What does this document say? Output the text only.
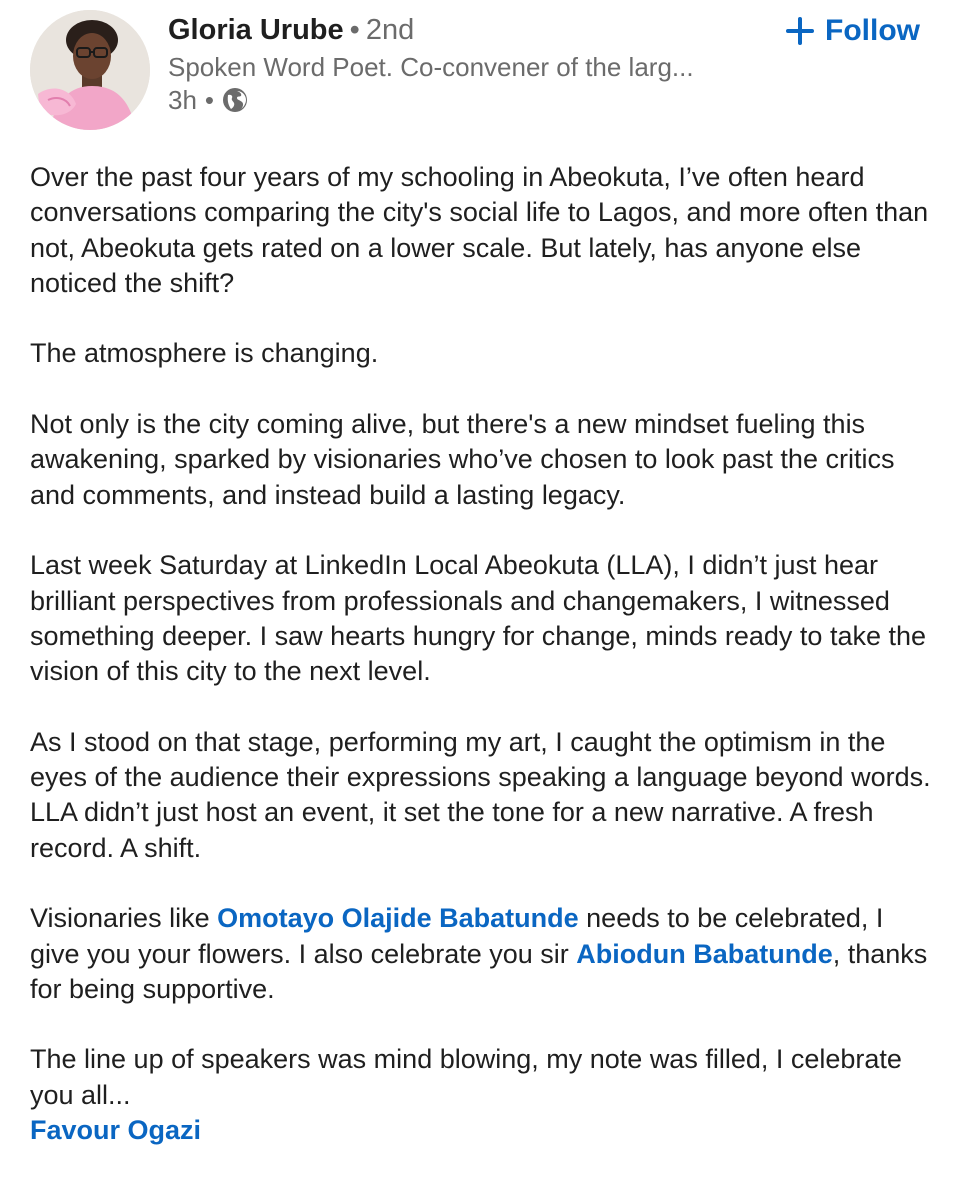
Gloria Urube • 2nd
Spoken Word Poet. Co-convener of the larg...
3h •
Follow

Over the past four years of my schooling in Abeokuta, I’ve often heard conversations comparing the city's social life to Lagos, and more often than not, Abeokuta gets rated on a lower scale. But lately, has anyone else noticed the shift?

The atmosphere is changing.

Not only is the city coming alive, but there's a new mindset fueling this awakening, sparked by visionaries who’ve chosen to look past the critics and comments, and instead build a lasting legacy.

Last week Saturday at LinkedIn Local Abeokuta (LLA), I didn’t just hear brilliant perspectives from professionals and changemakers, I witnessed something deeper. I saw hearts hungry for change, minds ready to take the vision of this city to the next level.

As I stood on that stage, performing my art, I caught the optimism in the eyes of the audience their expressions speaking a language beyond words. LLA didn’t just host an event, it set the tone for a new narrative. A fresh record. A shift.

Visionaries like Omotayo Olajide Babatunde needs to be celebrated, I give you your flowers. I also celebrate you sir Abiodun Babatunde, thanks for being supportive.

The line up of speakers was mind blowing, my note was filled, I celebrate you all...
Favour Ogazi
